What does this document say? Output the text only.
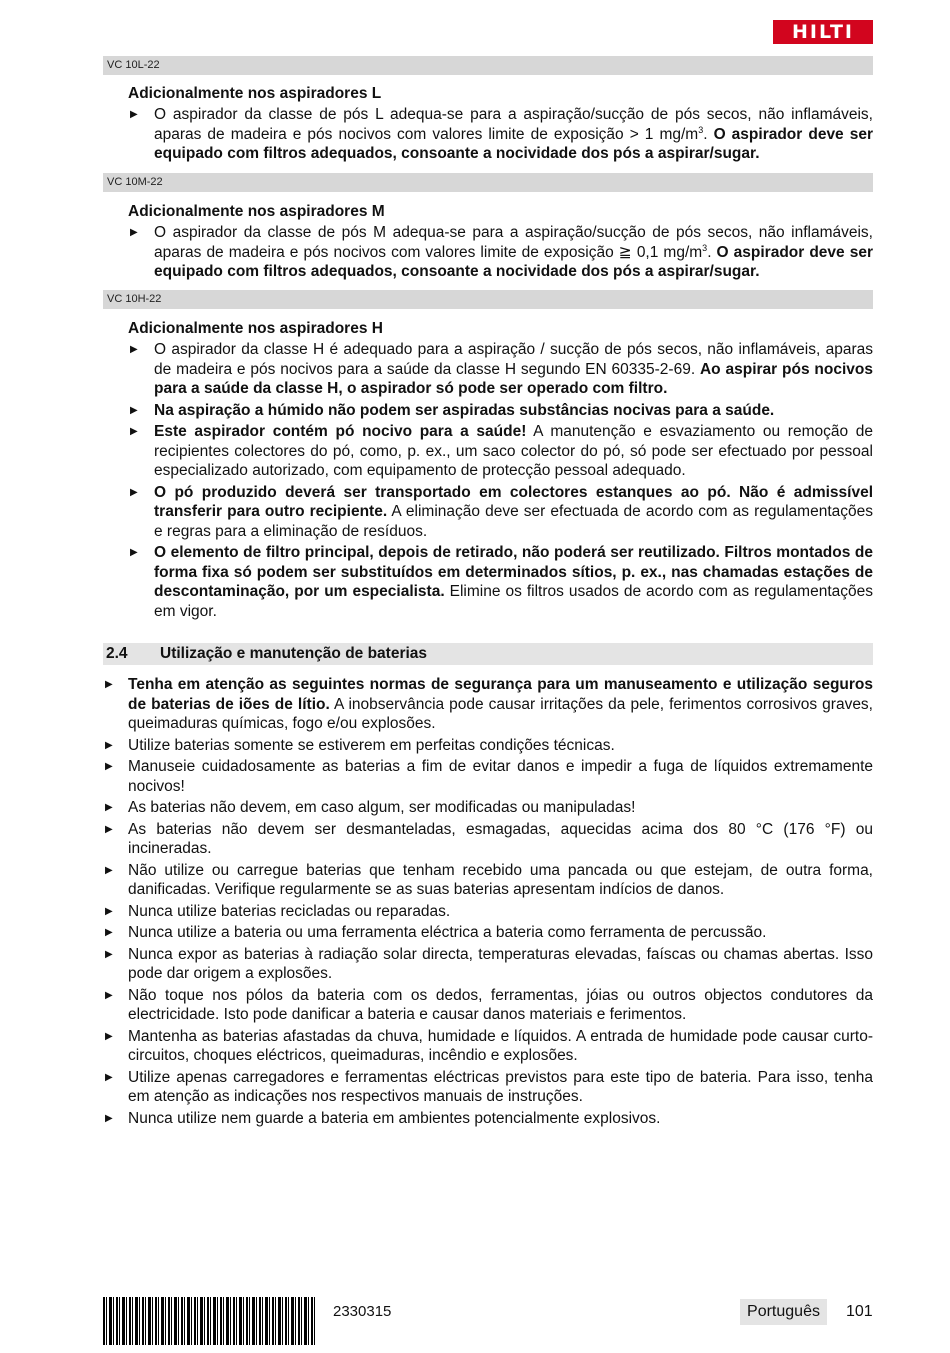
HILTI
VC 10L-22
Adicionalmente nos aspiradores L
▶ O aspirador da classe de pós L adequa-se para a aspiração/sucção de pós secos, não inflamáveis, aparas de madeira e pós nocivos com valores limite de exposição > 1 $mg/m^3$. O aspirador deve ser equipado com filtros adequados, consoante a nocividade dos pós a aspirar/sugar.
VC 10M-22
Adicionalmente nos aspiradores M
▶ O aspirador da classe de pós M adequa-se para a aspiração/sucção de pós secos, não inflamáveis, aparas de madeira e pós nocivos com valores limite de exposição ≧ 0,1 $mg/m^3$. O aspirador deve ser equipado com filtros adequados, consoante a nocividade dos pós a aspirar/sugar.
VC 10H-22
Adicionalmente nos aspiradores H
▶ O aspirador da classe H é adequado para a aspiração / sucção de pós secos, não inflamáveis, aparas de madeira e pós nocivos para a saúde da classe H segundo EN 60335-2-69. Ao aspirar pós nocivos para a saúde da classe H, o aspirador só pode ser operado com filtro.
▶ Na aspiração a húmido não podem ser aspiradas substâncias nocivas para a saúde.
▶ Este aspirador contém pó nocivo para a saúde! A manutenção e esvaziamento ou remoção de recipientes colectores do pó, como, p. ex., um saco colector do pó, só pode ser efectuado por pessoal especializado autorizado, com equipamento de protecção pessoal adequado.
▶ O pó produzido deverá ser transportado em colectores estanques ao pó. Não é admissível transferir para outro recipiente. A eliminação deve ser efectuada de acordo com as regulamentações e regras para a eliminação de resíduos.
▶ O elemento de filtro principal, depois de retirado, não poderá ser reutilizado. Filtros montados de forma fixa só podem ser substituídos em determinados sítios, p. ex., nas chamadas estações de descontaminação, por um especialista. Elimine os filtros usados de acordo com as regulamentações em vigor.
2.4 Utilização e manutenção de baterias
▶ Tenha em atenção as seguintes normas de segurança para um manuseamento e utilização seguros de baterias de iões de lítio. A inobservância pode causar irritações da pele, ferimentos corrosivos graves, queimaduras químicas, fogo e/ou explosões.
▶ Utilize baterias somente se estiverem em perfeitas condições técnicas.
▶ Manuseie cuidadosamente as baterias a fim de evitar danos e impedir a fuga de líquidos extremamente nocivos!
▶ As baterias não devem, em caso algum, ser modificadas ou manipuladas!
▶ As baterias não devem ser desmanteladas, esmagadas, aquecidas acima dos 80 °C (176 °F) ou incineradas.
▶ Não utilize ou carregue baterias que tenham recebido uma pancada ou que estejam, de outra forma, danificadas. Verifique regularmente se as suas baterias apresentam indícios de danos.
▶ Nunca utilize baterias recicladas ou reparadas.
▶ Nunca utilize a bateria ou uma ferramenta eléctrica a bateria como ferramenta de percussão.
▶ Nunca expor as baterias à radiação solar directa, temperaturas elevadas, faíscas ou chamas abertas. Isso pode dar origem a explosões.
▶ Não toque nos pólos da bateria com os dedos, ferramentas, jóias ou outros objectos condutores da electricidade. Isto pode danificar a bateria e causar danos materiais e ferimentos.
▶ Mantenha as baterias afastadas da chuva, humidade e líquidos. A entrada de humidade pode causar curto-circuitos, choques eléctricos, queimaduras, incêndio e explosões.
▶ Utilize apenas carregadores e ferramentas eléctricas previstos para este tipo de bateria. Para isso, tenha em atenção as indicações nos respectivos manuais de instruções.
▶ Nunca utilize nem guarde a bateria em ambientes potencialmente explosivos.
2330315	Português	101
